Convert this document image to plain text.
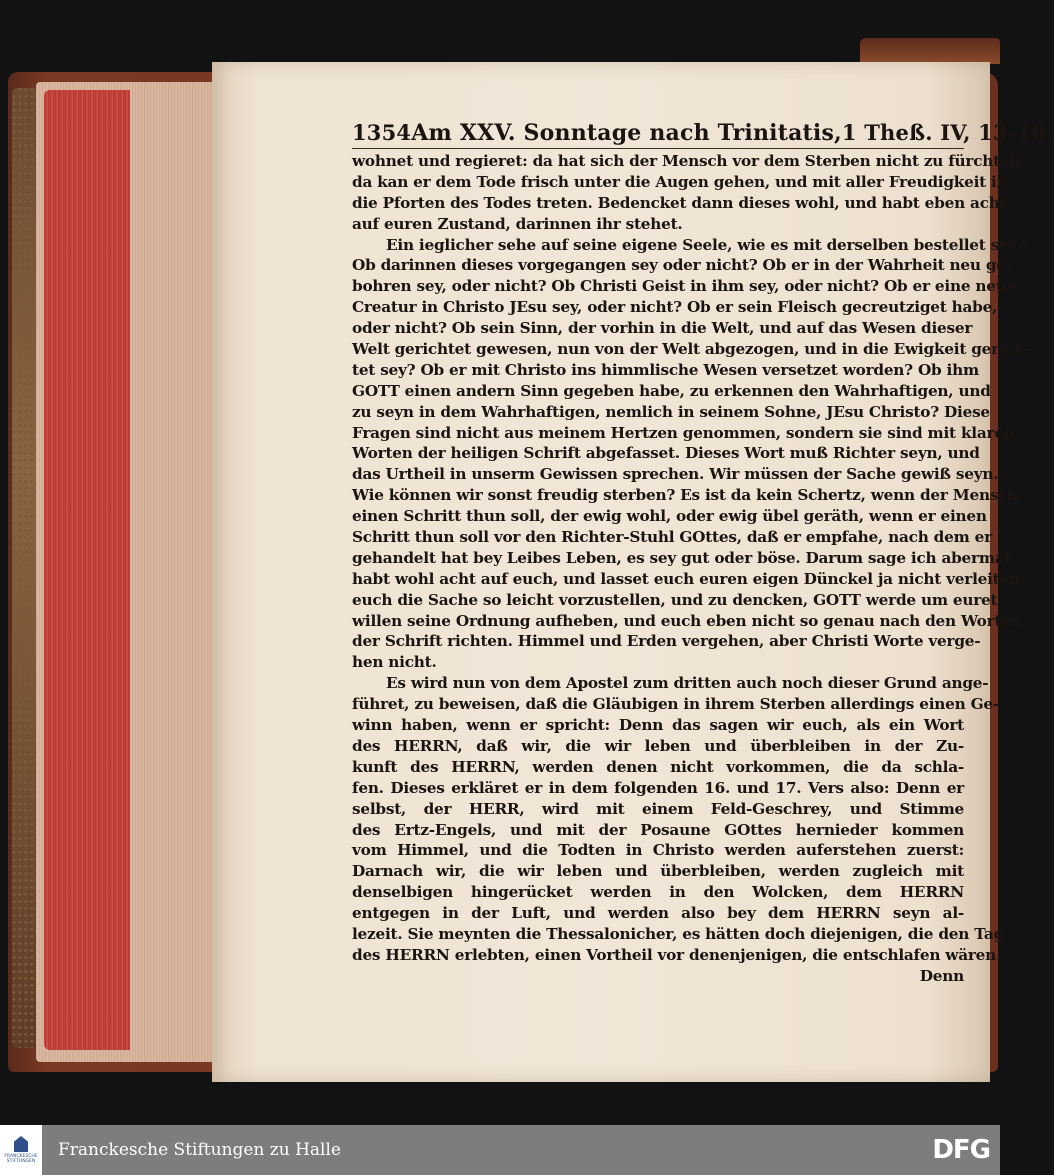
1354 Am XXV. Sonntage nach Trinitatis, 1 Theß. IV, 13-18.
wohnet und regieret: da hat sich der Mensch vor dem Sterben nicht zu fürchten,
da kan er dem Tode frisch unter die Augen gehen, und mit aller Freudigkeit in
die Pforten des Todes treten. Bedencket dann dieses wohl, und habt eben acht
auf euren Zustand, darinnen ihr stehet.
Ein ieglicher sehe auf seine eigene Seele, wie es mit derselben bestellet sey?
Ob darinnen dieses vorgegangen sey oder nicht? Ob er in der Wahrheit neu ge-
bohren sey, oder nicht? Ob Christi Geist in ihm sey, oder nicht? Ob er eine neue
Creatur in Christo JEsu sey, oder nicht? Ob er sein Fleisch gecreutziget habe,
oder nicht? Ob sein Sinn, der vorhin in die Welt, und auf das Wesen dieser
Welt gerichtet gewesen, nun von der Welt abgezogen, und in die Ewigkeit gerich-
tet sey? Ob er mit Christo ins himmlische Wesen versetzet worden? Ob ihm
GOTT einen andern Sinn gegeben habe, zu erkennen den Wahrhaftigen, und
zu seyn in dem Wahrhaftigen, nemlich in seinem Sohne, JEsu Christo? Diese
Fragen sind nicht aus meinem Hertzen genommen, sondern sie sind mit klaren
Worten der heiligen Schrift abgefasset. Dieses Wort muß Richter seyn, und
das Urtheil in unserm Gewissen sprechen. Wir müssen der Sache gewiß seyn.
Wie können wir sonst freudig sterben? Es ist da kein Schertz, wenn der Mensch
einen Schritt thun soll, der ewig wohl, oder ewig übel geräth, wenn er einen
Schritt thun soll vor den Richter-Stuhl GOttes, daß er empfahe, nach dem er
gehandelt hat bey Leibes Leben, es sey gut oder böse. Darum sage ich abermal,
habt wohl acht auf euch, und lasset euch euren eigen Dünckel ja nicht verleiten,
euch die Sache so leicht vorzustellen, und zu dencken, GOTT werde um euret
willen seine Ordnung aufheben, und euch eben nicht so genau nach den Worten
der Schrift richten. Himmel und Erden vergehen, aber Christi Worte verge-
hen nicht.
Es wird nun von dem Apostel zum dritten auch noch dieser Grund ange-
führet, zu beweisen, daß die Gläubigen in ihrem Sterben allerdings einen Ge-
winn haben, wenn er spricht: Denn das sagen wir euch, als ein Wort
des HERRN, daß wir, die wir leben und überbleiben in der Zu-
kunft des HERRN, werden denen nicht vorkommen, die da schla-
fen. Dieses erkläret er in dem folgenden 16. und 17. Vers also: Denn er
selbst, der HERR, wird mit einem Feld-Geschrey, und Stimme
des Ertz-Engels, und mit der Posaune GOttes hernieder kommen
vom Himmel, und die Todten in Christo werden auferstehen zuerst:
Darnach wir, die wir leben und überbleiben, werden zugleich mit
denselbigen hingerücket werden in den Wolcken, dem HERRN
entgegen in der Luft, und werden also bey dem HERRN seyn al-
lezeit. Sie meynten die Thessalonicher, es hätten doch diejenigen, die den Tag
des HERRN erlebten, einen Vortheil vor denenjenigen, die entschlafen wären.
Denn
FRANCKESCHE
STIFTUNGEN
Franckesche Stiftungen zu Halle	DFG
